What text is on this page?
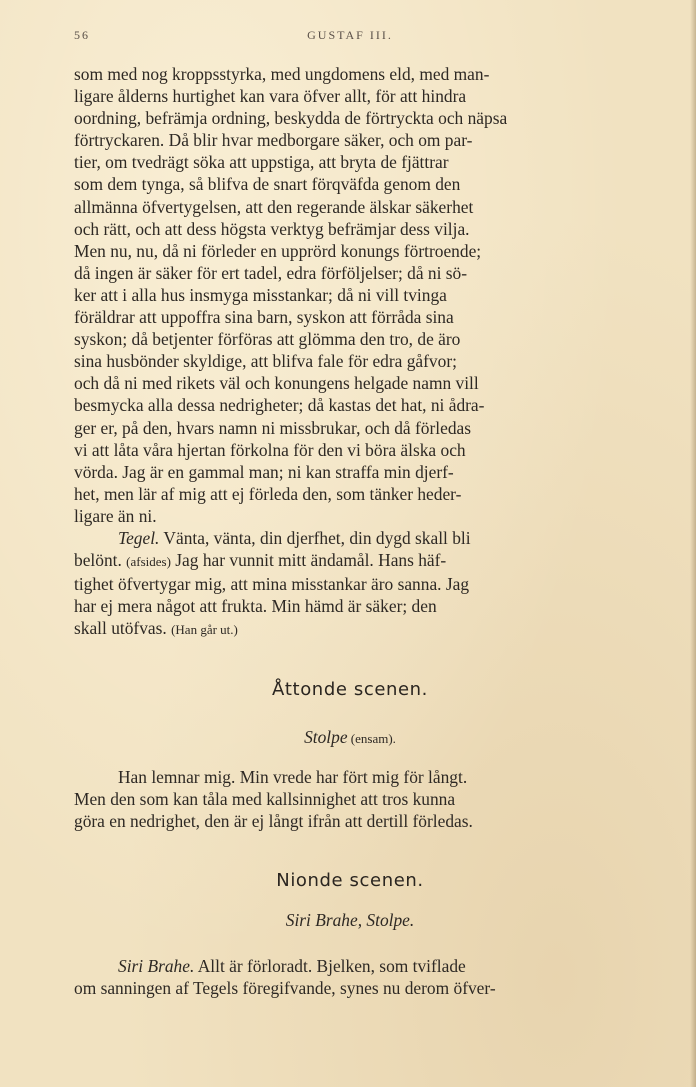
56	GUSTAF III.

som med nog kroppsstyrka, med ungdomens eld, med man-

ligare ålderns hurtighet kan vara öfver allt, för att hindra

oordning, befrämja ordning, beskydda de förtryckta och näpsa

förtryckaren. Då blir hvar medborgare säker, och om par-

tier, om tvedrägt söka att uppstiga, att bryta de fjättrar

som dem tynga, så blifva de snart förqväfda genom den

allmänna öfvertygelsen, att den regerande älskar säkerhet

och rätt, och att dess högsta verktyg befrämjar dess vilja.

Men nu, nu, då ni förleder en upprörd konungs förtroende;

då ingen är säker för ert tadel, edra förföljelser; då ni sö-

ker att i alla hus insmyga misstankar; då ni vill tvinga

föräldrar att uppoffra sina barn, syskon att förråda sina

syskon; då betjenter förföras att glömma den tro, de äro

sina husbönder skyldige, att blifva fale för edra gåfvor;

och då ni med rikets väl och konungens helgade namn vill

besmycka alla dessa nedrigheter; då kastas det hat, ni ådra-

ger er, på den, hvars namn ni missbrukar, och då förledas

vi att låta våra hjertan förkolna för den vi böra älska och

vörda. Jag är en gammal man; ni kan straffa min djerf-

het, men lär af mig att ej förleda den, som tänker heder-

ligare än ni.

Tegel. Vänta, vänta, din djerfhet, din dygd skall bli

belönt. (afsides) Jag har vunnit mitt ändamål. Hans häf-

tighet öfvertygar mig, att mina misstankar äro sanna. Jag

har ej mera något att frukta. Min hämd är säker; den

skall utöfvas. (Han går ut.)

Åttonde scenen.
Stolpe (ensam).

Han lemnar mig. Min vrede har fört mig för långt.

Men den som kan tåla med kallsinnighet att tros kunna

göra en nedrighet, den är ej långt ifrån att dertill förledas.

Nionde scenen.
Siri Brahe, Stolpe.

Siri Brahe. Allt är förloradt. Bjelken, som tviflade

om sanningen af Tegels föregifvande, synes nu derom öfver-
